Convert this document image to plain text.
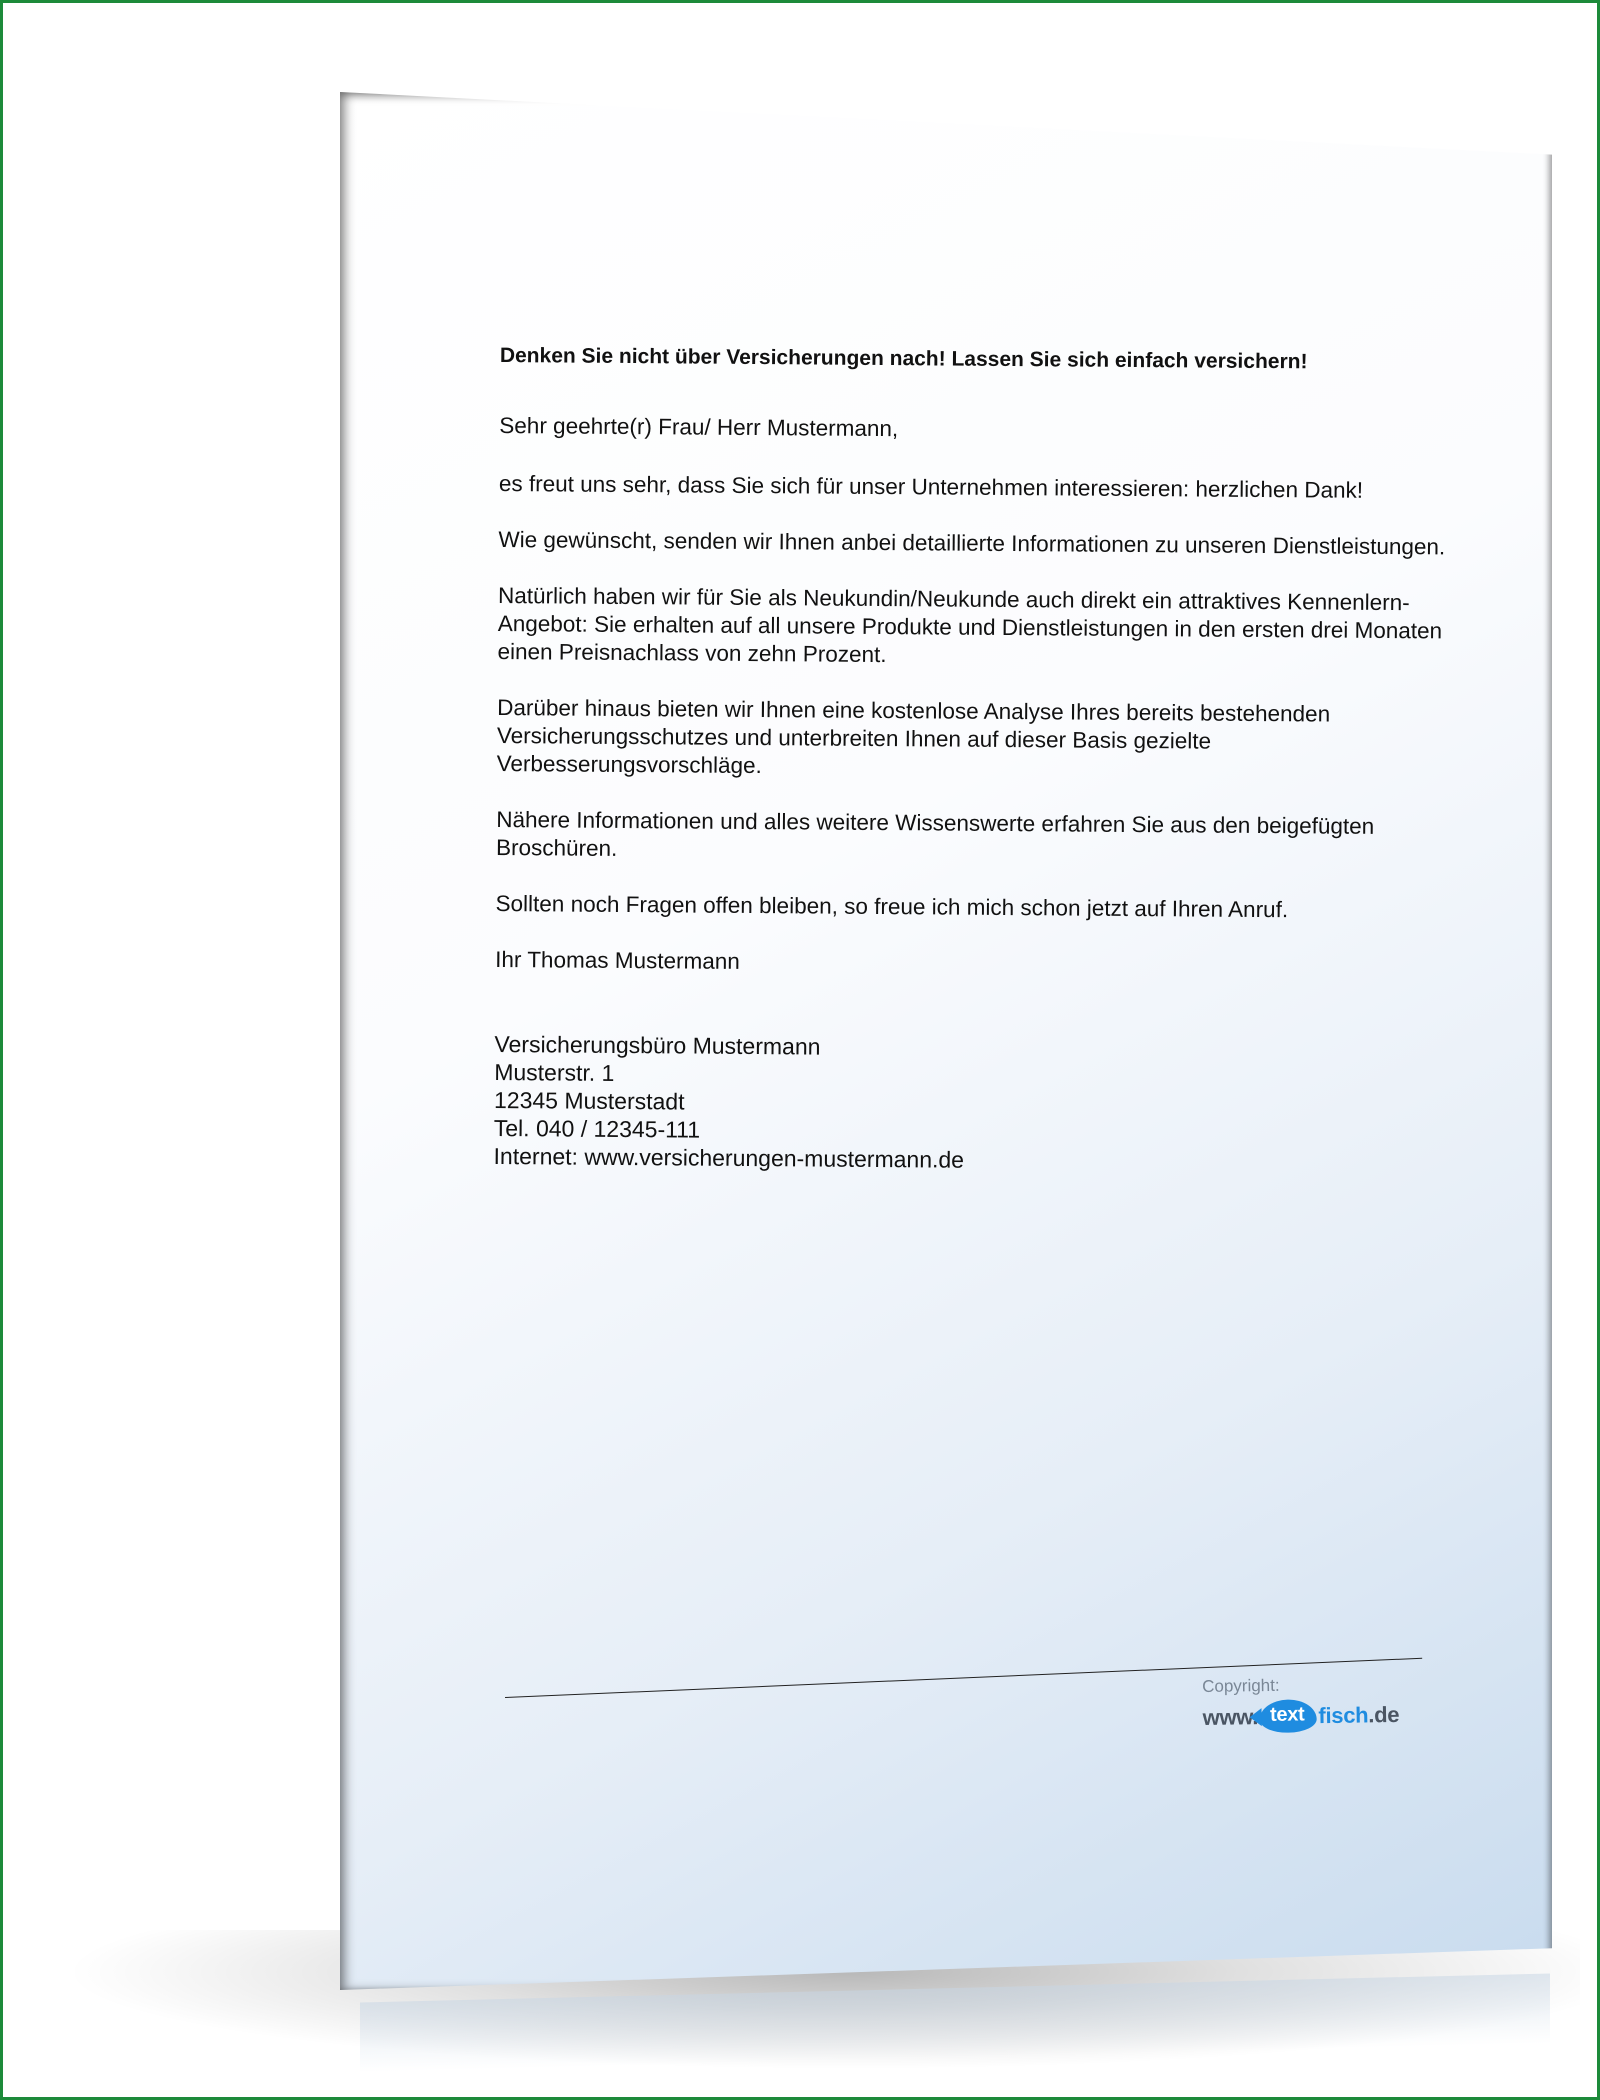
Denken Sie nicht über Versicherungen nach! Lassen Sie sich einfach versichern!
Sehr geehrte(r) Frau/ Herr Mustermann,
es freut uns sehr, dass Sie sich für unser Unternehmen interessieren: herzlichen Dank!
Wie gewünscht, senden wir Ihnen anbei detaillierte Informationen zu unseren Dienstleistungen.
Natürlich haben wir für Sie als Neukundin/Neukunde auch direkt ein attraktives Kennenlern-Angebot: Sie erhalten auf all unsere Produkte und Dienstleistungen in den ersten drei Monaten einen Preisnachlass von zehn Prozent.
Darüber hinaus bieten wir Ihnen eine kostenlose Analyse Ihres bereits bestehenden Versicherungsschutzes und unterbreiten Ihnen auf dieser Basis gezielte Verbesserungsvorschläge.
Nähere Informationen und alles weitere Wissenswerte erfahren Sie aus den beigefügten Broschüren.
Sollten noch Fragen offen bleiben, so freue ich mich schon jetzt auf Ihren Anruf.
Ihr Thomas Mustermann
Versicherungsbüro Mustermann
Musterstr. 1
12345 Musterstadt
Tel. 040 / 12345-111
Internet: www.versicherungen-mustermann.de
Copyright:
www. text fisch .de
